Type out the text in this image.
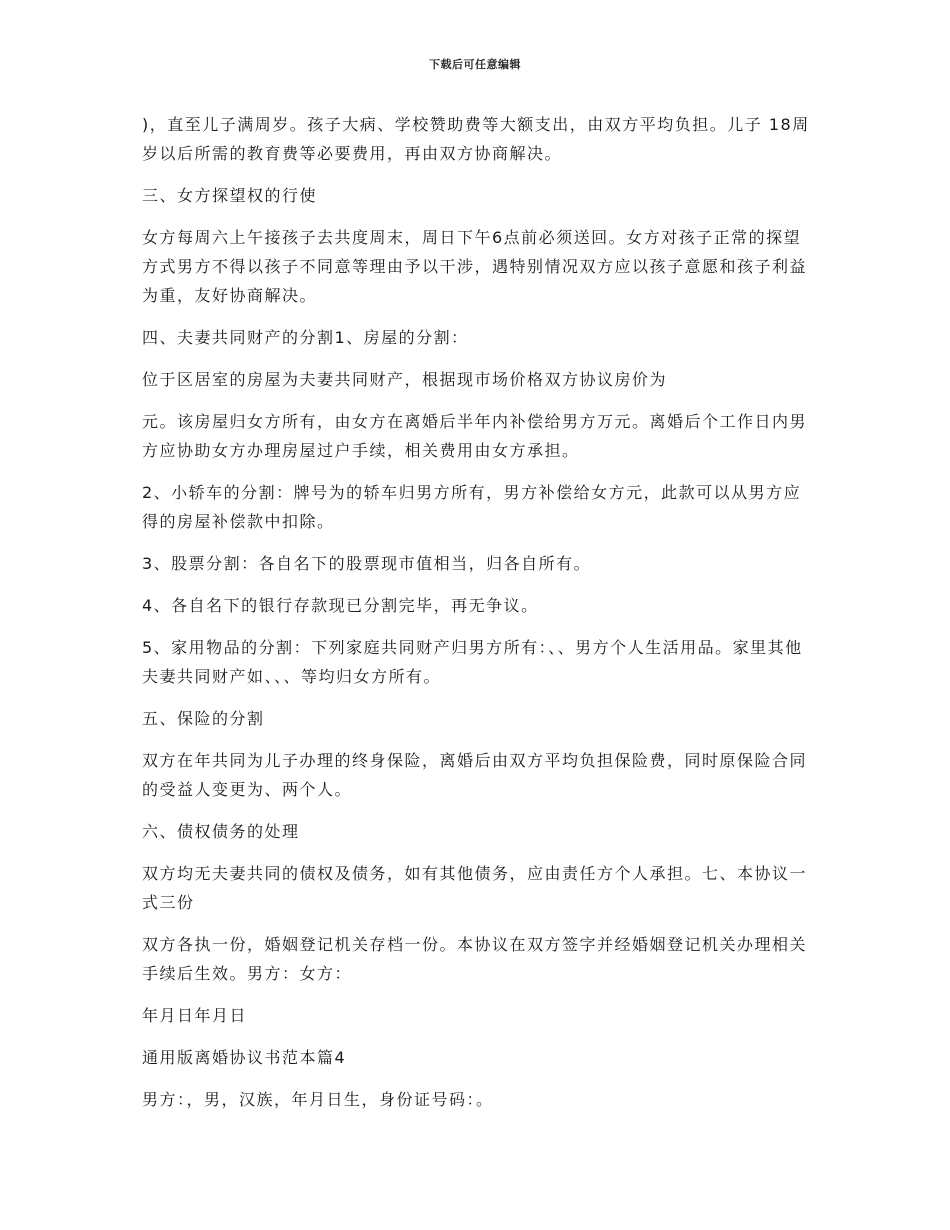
下载后可任意编辑

)，直至儿子满周岁。孩子大病、学校赞助费等大额支出，由双方平均负担。儿子 18周岁以后所需的教育费等必要费用，再由双方协商解决。

三、女方探望权的行使

女方每周六上午接孩子去共度周末，周日下午6点前必须送回。女方对孩子正常的探望方式男方不得以孩子不同意等理由予以干涉，遇特别情况双方应以孩子意愿和孩子利益为重，友好协商解决。

四、夫妻共同财产的分割1、房屋的分割：

位于区居室的房屋为夫妻共同财产，根据现市场价格双方协议房价为

元。该房屋归女方所有，由女方在离婚后半年内补偿给男方万元。离婚后个工作日内男方应协助女方办理房屋过户手续，相关费用由女方承担。

2、小轿车的分割：牌号为的轿车归男方所有，男方补偿给女方元，此款可以从男方应得的房屋补偿款中扣除。

3、股票分割：各自名下的股票现市值相当，归各自所有。

4、各自名下的银行存款现已分割完毕，再无争议。

5、家用物品的分割：下列家庭共同财产归男方所有：、、男方个人生活用品。家里其他夫妻共同财产如、、、等均归女方所有。

五、保险的分割

双方在年共同为儿子办理的终身保险，离婚后由双方平均负担保险费，同时原保险合同的受益人变更为、两个人。

六、债权债务的处理

双方均无夫妻共同的债权及债务，如有其他债务，应由责任方个人承担。七、本协议一式三份

双方各执一份，婚姻登记机关存档一份。本协议在双方签字并经婚姻登记机关办理相关手续后生效。男方：女方：

年月日年月日

通用版离婚协议书范本篇4

男方：，男，汉族，年月日生，身份证号码：。
